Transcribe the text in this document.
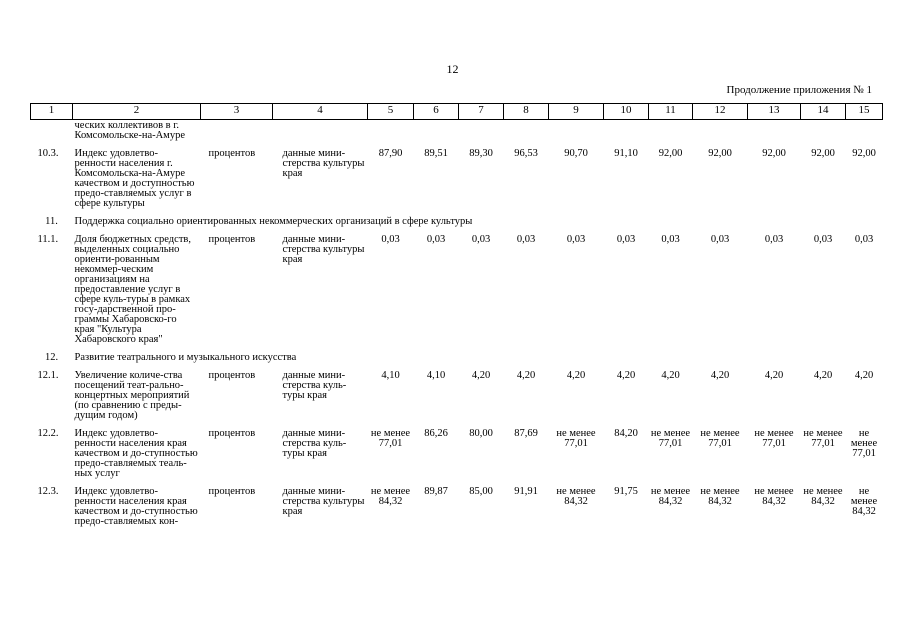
12
Продолжение приложения № 1
1	2	3	4	5	6	7	8	9	10	11	12	13	14	15
	ческих коллективов в г. Комсомольске-на-Амуре													
10.3.	Индекс удовлетво-ренности населения г. Комсомольска-на-Амуре качеством и доступностью предо-ставляемых услуг в сфере культуры	процентов	данные мини-стерства культуры края	87,90	89,51	89,30	96,53	90,70	91,10	92,00	92,00	92,00	92,00	92,00
11.	Поддержка социально ориентированных некоммерческих организаций в сфере культуры													
11.1.	Доля бюджетных средств, выделенных социально ориенти-рованным некоммер-ческим организациям на предоставление услуг в сфере куль-туры в рамках госу-дарственной про-граммы Хабаровско-го края "Культура Хабаровского края"	процентов	данные мини-стерства культуры края	0,03	0,03	0,03	0,03	0,03	0,03	0,03	0,03	0,03	0,03	0,03
12.	Развитие театрального и музыкального искусства													
12.1.	Увеличение количе-ства посещений теат-рально-концертных мероприятий (по сравнению с преды-дущим годом)	процентов	данные мини-стерства куль-туры края	4,10	4,10	4,20	4,20	4,20	4,20	4,20	4,20	4,20	4,20	4,20
12.2.	Индекс удовлетво-ренности населения края качеством и до-ступностью предо-ставляемых теаль-ных услуг	процентов	данные мини-стерства куль-туры края	не менее 77,01	86,26	80,00	87,69	не менее 77,01	84,20	не менее 77,01	не менее 77,01	не менее 77,01	не менее 77,01	не менее 77,01
12.3.	Индекс удовлетво-ренности населения края качеством и до-ступностью предо-ставляемых кон-	процентов	данные мини-стерства культуры края	не менее 84,32	89,87	85,00	91,91	не менее 84,32	91,75	не менее 84,32	не менее 84,32	не менее 84,32	не менее 84,32	не менее 84,32
